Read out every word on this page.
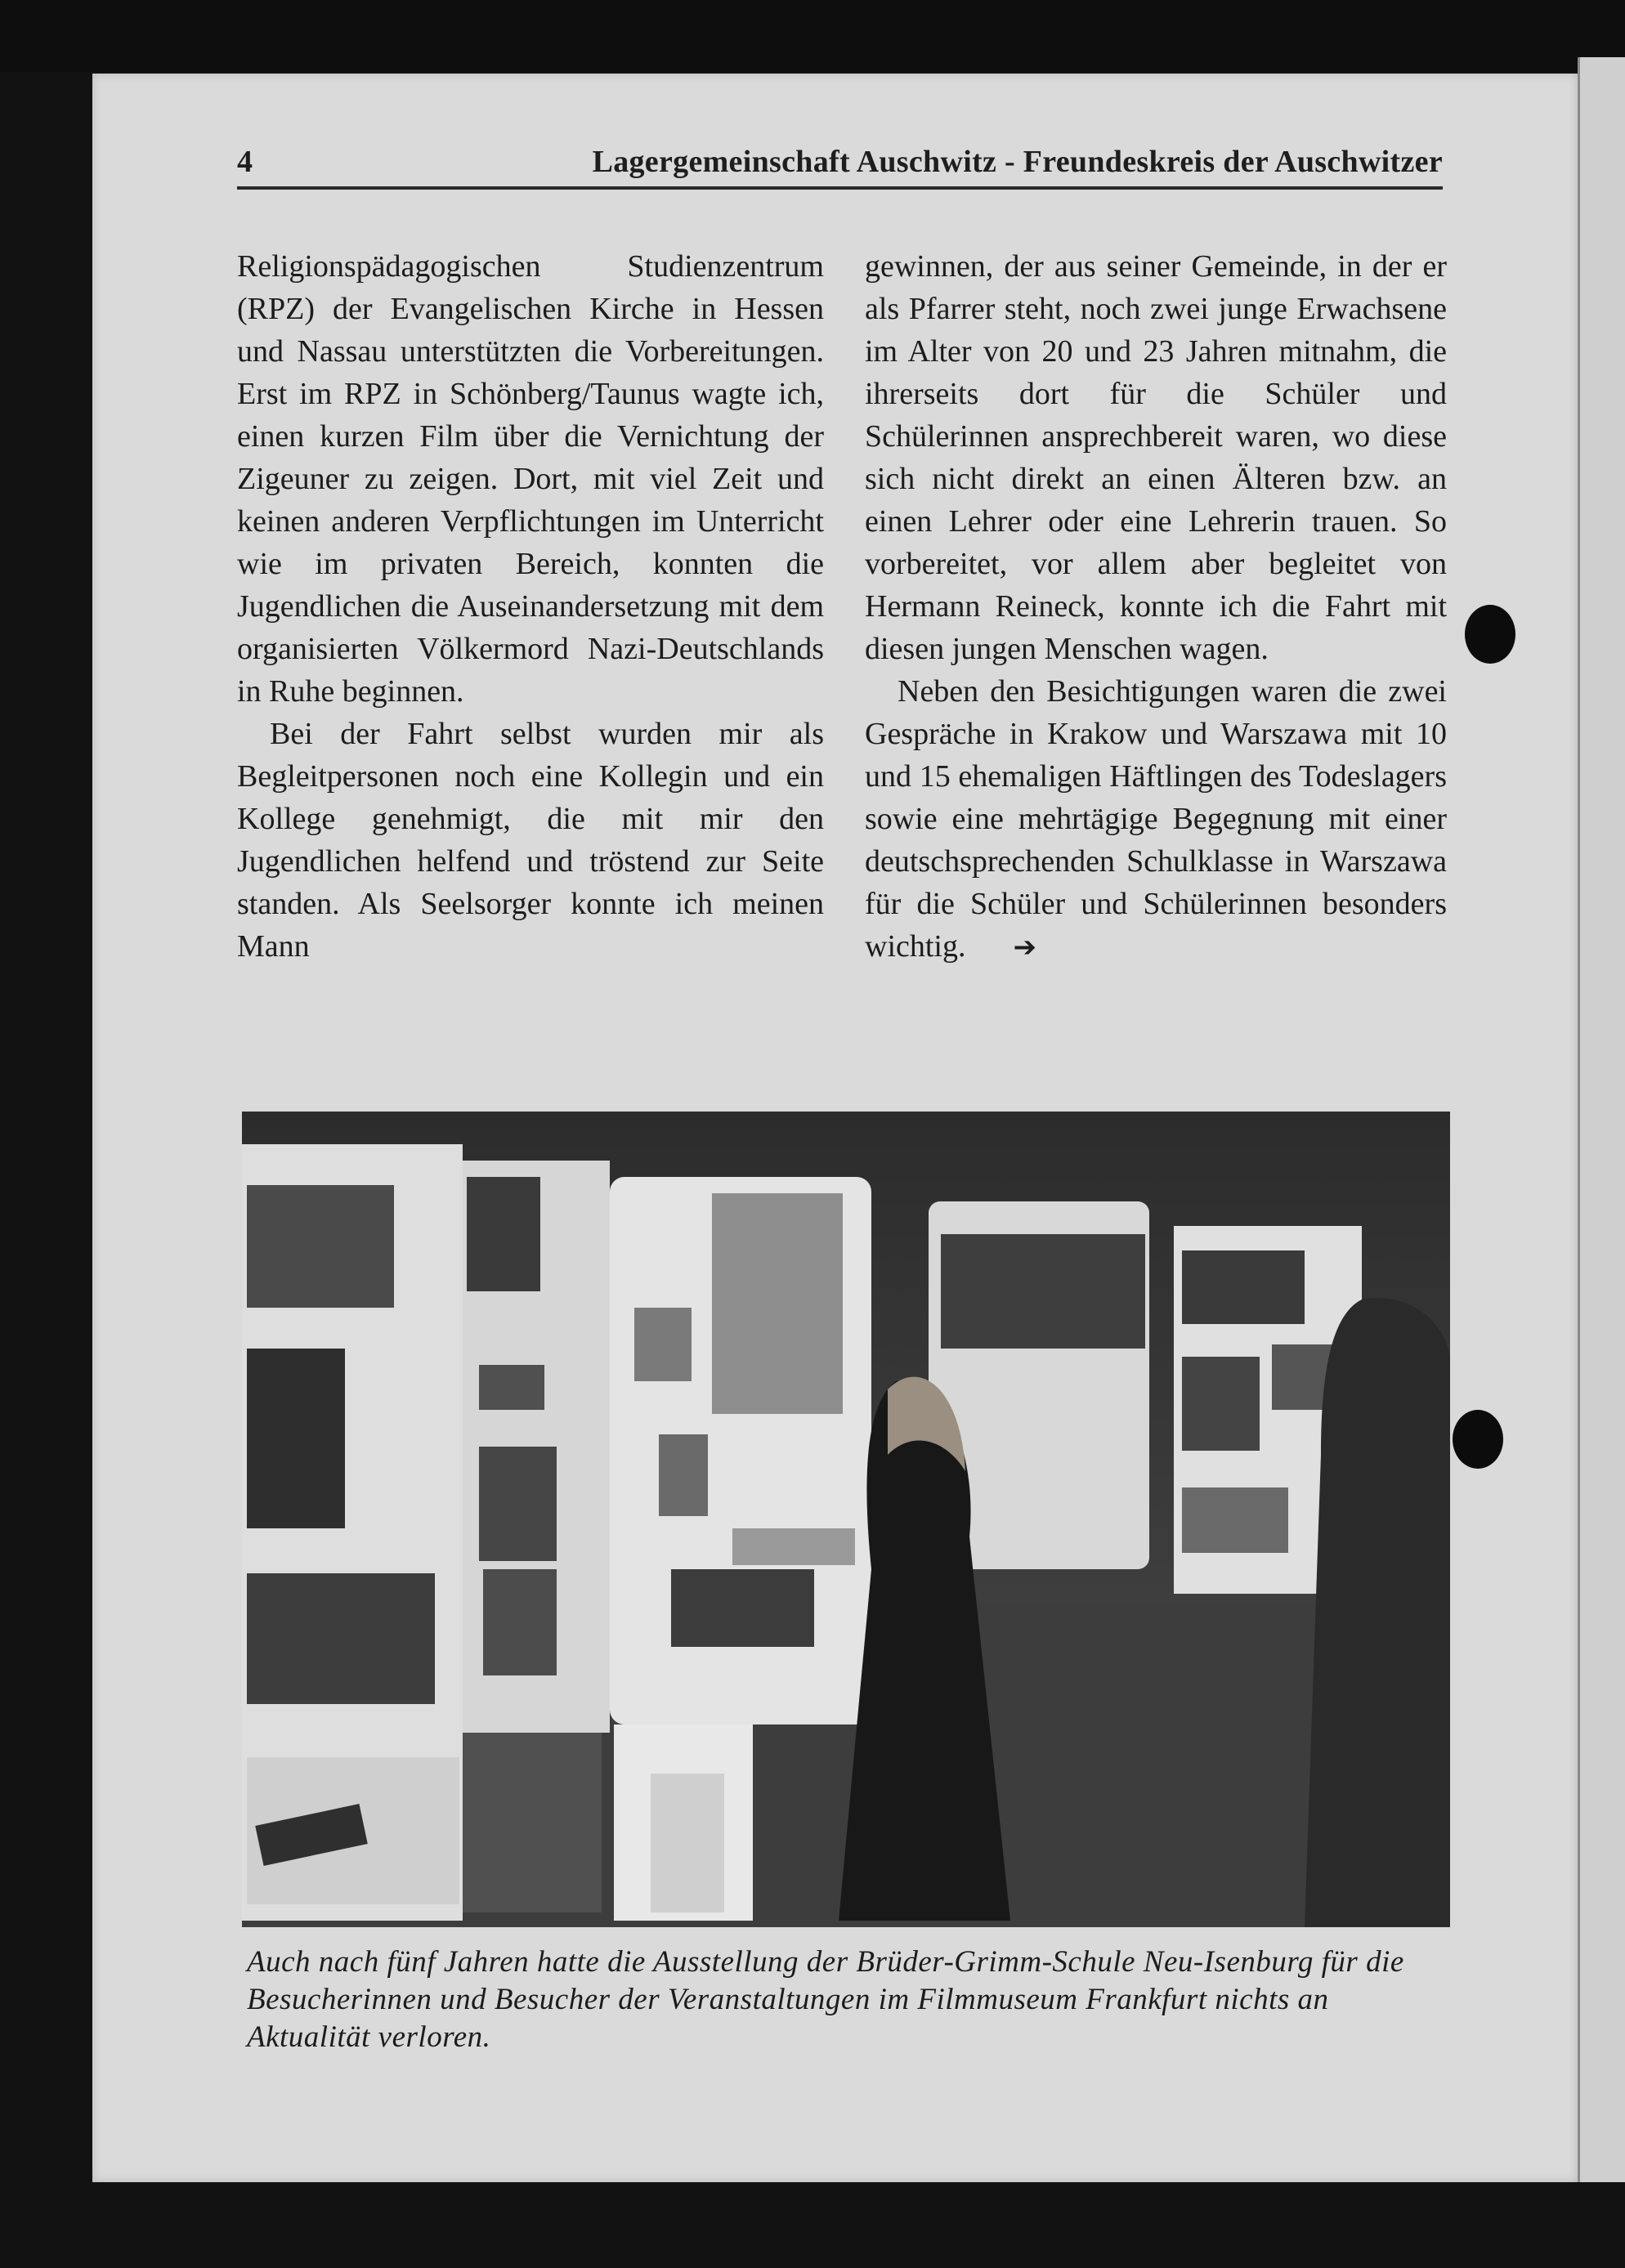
4	Lagergemeinschaft Auschwitz - Freundeskreis der Auschwitzer

Religionspädagogischen Studienzentrum (RPZ) der Evangelischen Kirche in Hessen und Nassau unterstützten die Vorbereitungen. Erst im RPZ in Schönberg/Taunus wagte ich, einen kurzen Film über die Vernichtung der Zigeuner zu zeigen. Dort, mit viel Zeit und keinen anderen Verpflichtungen im Unterricht wie im privaten Bereich, konnten die Jugendlichen die Auseinandersetzung mit dem organisierten Völkermord Nazi-Deutschlands in Ruhe beginnen.

Bei der Fahrt selbst wurden mir als Begleitpersonen noch eine Kollegin und ein Kollege genehmigt, die mit mir den Jugendlichen helfend und tröstend zur Seite standen. Als Seelsorger konnte ich meinen Mann

gewinnen, der aus seiner Gemeinde, in der er als Pfarrer steht, noch zwei junge Erwachsene im Alter von 20 und 23 Jahren mitnahm, die ihrerseits dort für die Schüler und Schülerinnen ansprechbereit waren, wo diese sich nicht direkt an einen Älteren bzw. an einen Lehrer oder eine Lehrerin trauen. So vorbereitet, vor allem aber begleitet von Hermann Reineck, konnte ich die Fahrt mit diesen jungen Menschen wagen.

Neben den Besichtigungen waren die zwei Gespräche in Krakow und Warszawa mit 10 und 15 ehemaligen Häftlingen des Todeslagers sowie eine mehrtägige Begegnung mit einer deutschsprechenden Schulklasse in Warszawa für die Schüler und Schülerinnen besonders wichtig. ➔

Auch nach fünf Jahren hatte die Ausstellung der Brüder-Grimm-Schule Neu-Isenburg für die Besucherinnen und Besucher der Veranstaltungen im Filmmuseum Frankfurt nichts an Aktualität verloren.
